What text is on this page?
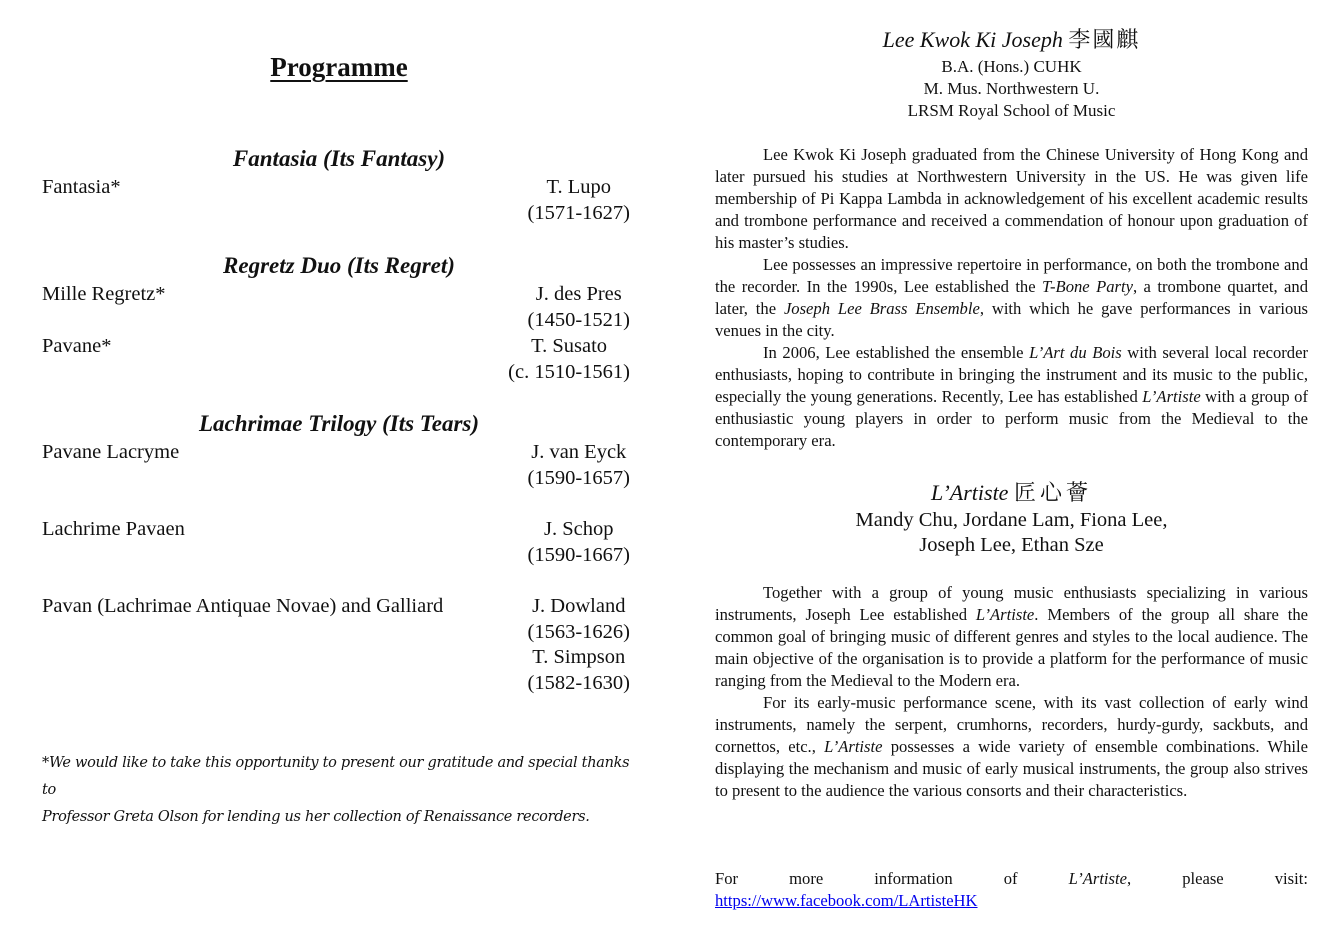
Programme
Fantasia (Its Fantasy)
Fantasia*	T. Lupo
(1571-1627)
Regretz Duo (Its Regret)
Mille Regretz*	J. des Pres
(1450-1521)
Pavane*	T. Susato
(c. 1510-1561)
Lachrimae Trilogy (Its Tears)
Pavane Lacryme	J. van Eyck
(1590-1657)
Lachrime Pavaen	J. Schop
(1590-1667)
Pavan (Lachrimae Antiquae Novae) and Galliard	J. Dowland
(1563-1626)
T. Simpson
(1582-1630)
*We would like to take this opportunity to present our gratitude and special thanks to
Professor Greta Olson for lending us her collection of Renaissance recorders.
Lee Kwok Ki Joseph 李國麒
B.A. (Hons.) CUHK
M. Mus. Northwestern U.
LRSM Royal School of Music

Lee Kwok Ki Joseph graduated from the Chinese University of Hong Kong and later pursued his studies at Northwestern University in the US. He was given life membership of Pi Kappa Lambda in acknowledgement of his excellent academic results and trombone performance and received a commendation of honour upon graduation of his master’s studies.

Lee possesses an impressive repertoire in performance, on both the trombone and the recorder. In the 1990s, Lee established the T-Bone Party, a trombone quartet, and later, the Joseph Lee Brass Ensemble, with which he gave performances in various venues in the city.

In 2006, Lee established the ensemble L’Art du Bois with several local recorder enthusiasts, hoping to contribute in bringing the instrument and its music to the public, especially the young generations. Recently, Lee has established L’Artiste with a group of enthusiastic young players in order to perform music from the Medieval to the contemporary era.

L’Artiste 匠心薈
Mandy Chu, Jordane Lam, Fiona Lee,
Joseph Lee, Ethan Sze

Together with a group of young music enthusiasts specializing in various instruments, Joseph Lee established L’Artiste. Members of the group all share the common goal of bringing music of different genres and styles to the local audience. The main objective of the organisation is to provide a platform for the performance of music ranging from the Medieval to the Modern era.

For its early-music performance scene, with its vast collection of early wind instruments, namely the serpent, crumhorns, recorders, hurdy-gurdy, sackbuts, and cornettos, etc., L’Artiste possesses a wide variety of ensemble combinations. While displaying the mechanism and music of early musical instruments, the group also strives to present to the audience the various consorts and their characteristics.

For	more	information	of	L’Artiste,	please	visit:
https://www.facebook.com/LArtisteHK
